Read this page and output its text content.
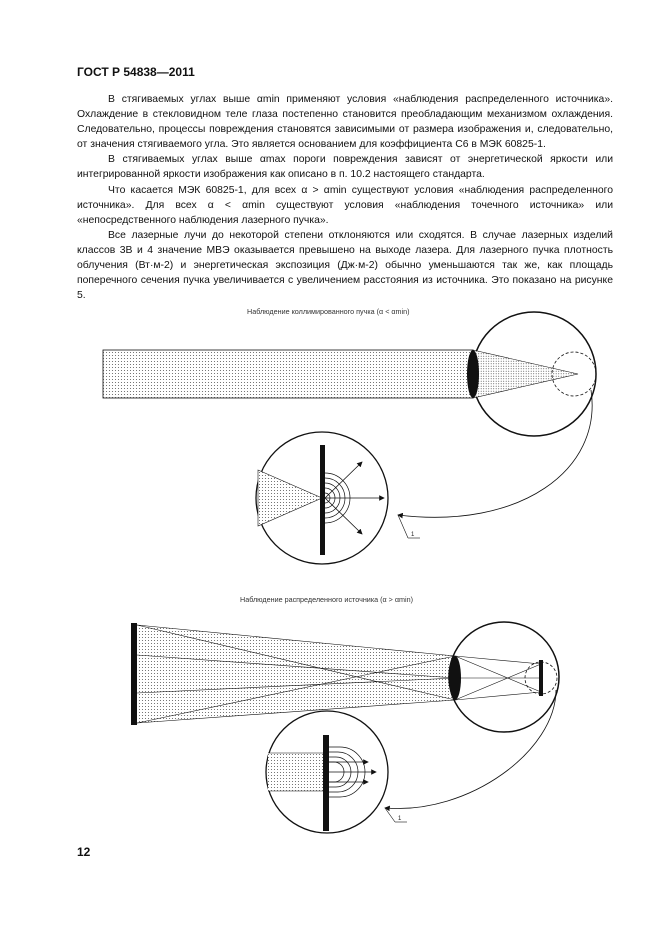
ГОСТ Р 54838—2011

В стягиваемых углах выше αmin применяют условия «наблюдения распределенного источника». Охлаждение в стекловидном теле глаза постепенно становится преобладающим механизмом охлаждения. Следовательно, процессы повреждения становятся зависимыми от размера изображения и, следовательно, от значения стягиваемого угла. Это является основанием для коэффициента C6 в МЭК 60825-1.

В стягиваемых углах выше αmax пороги повреждения зависят от энергетической яркости или интегрированной яркости изображения как описано в п. 10.2 настоящего стандарта.

Что касается МЭК 60825-1, для всех α > αmin существуют условия «наблюдения распределенного источника». Для всех α < αmin существуют условия «наблюдения точечного источника» или «непосредственного наблюдения лазерного пучка».

Все лазерные лучи до некоторой степени отклоняются или сходятся. В случае лазерных изделий классов 3В и 4 значение МВЭ оказывается превышено на выходе лазера. Для лазерного пучка плотность облучения (Вт·м-2) и энергетическая экспозиция (Дж·м-2) обычно уменьшаются так же, как площадь поперечного сечения пучка увеличивается с увеличением расстояния из источника. Это показано на рисунке 5.

Наблюдение коллимированного пучка (α < αmin)
Наблюдение распределенного источника (α > αmin)
1
1
12
